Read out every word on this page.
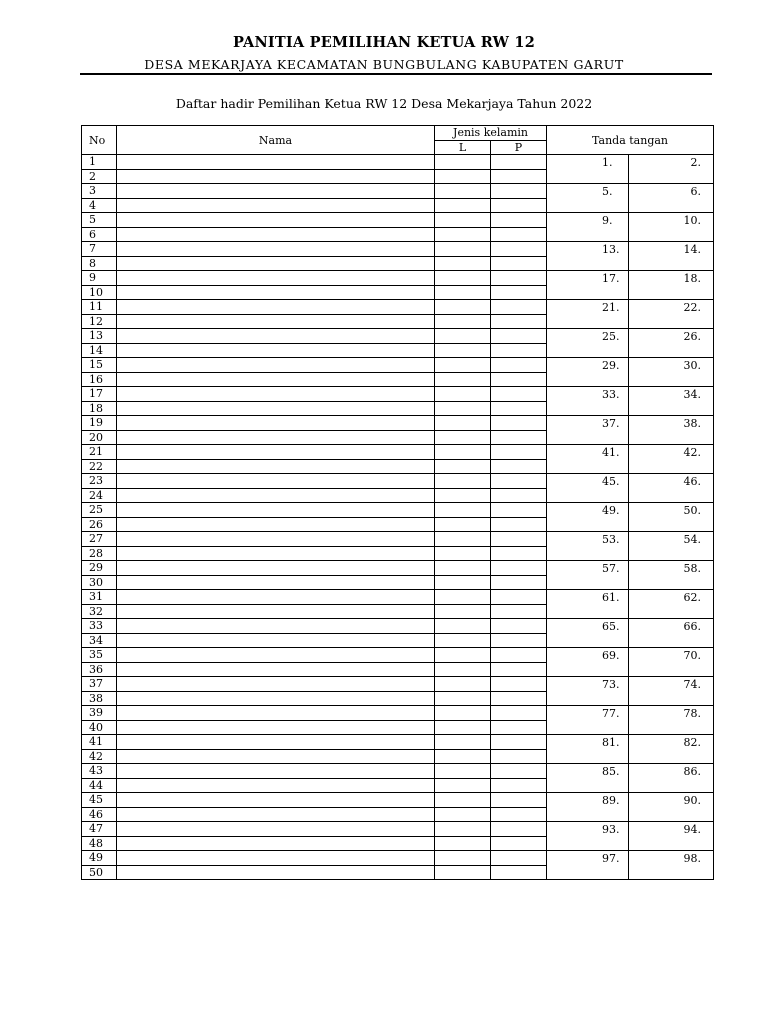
PANITIA PEMILIHAN KETUA RW 12
DESA MEKARJAYA KECAMATAN BUNGBULANG KABUPATEN GARUT
Daftar hadir Pemilihan Ketua RW 12 Desa Mekarjaya Tahun 2022
No	Nama	Jenis kelamin		Tanda tangan	
		L	P		
1				1.	2.
2					
3				5.	6.
4					
5				9.	10.
6					
7				13.	14.
8					
9				17.	18.
10					
11				21.	22.
12					
13				25.	26.
14					
15				29.	30.
16					
17				33.	34.
18					
19				37.	38.
20					
21				41.	42.
22					
23				45.	46.
24					
25				49.	50.
26					
27				53.	54.
28					
29				57.	58.
30					
31				61.	62.
32					
33				65.	66.
34					
35				69.	70.
36					
37				73.	74.
38					
39				77.	78.
40					
41				81.	82.
42					
43				85.	86.
44					
45				89.	90.
46					
47				93.	94.
48					
49				97.	98.
50					
